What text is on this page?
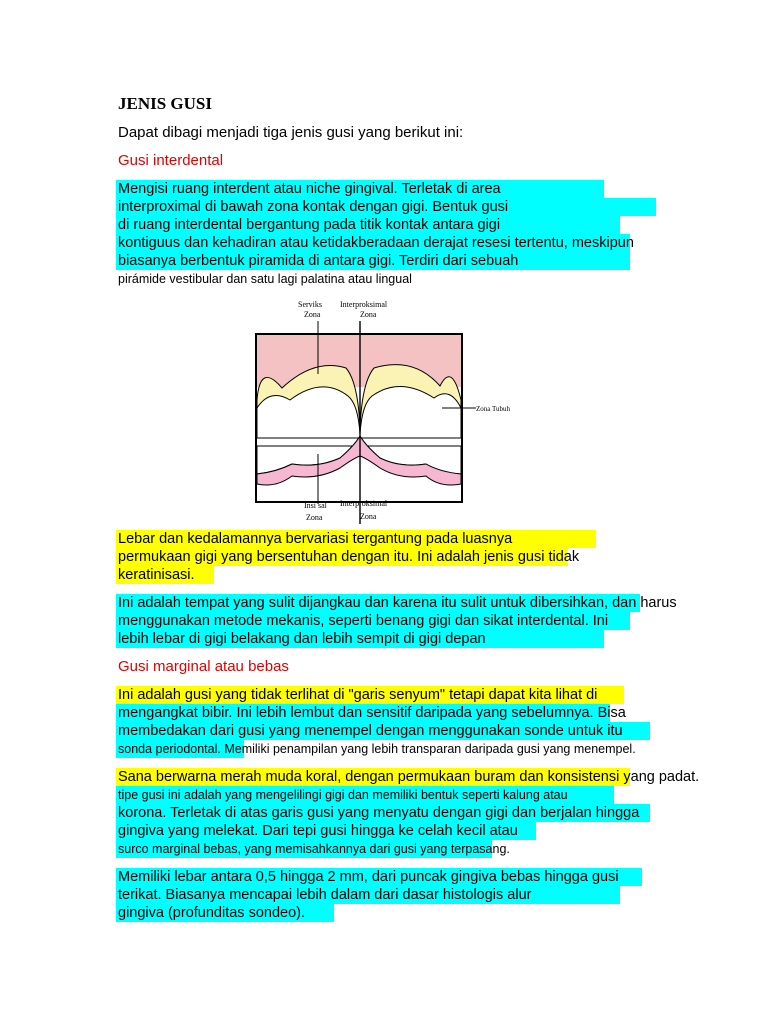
JENIS GUSI
Dapat dibagi menjadi tiga jenis gusi yang berikut ini:
Gusi interdental
Mengisi ruang interdent atau niche gingival. Terletak di area
interproximal di bawah zona kontak dengan gigi. Bentuk gusi
di ruang interdental bergantung pada titik kontak antara gigi
kontiguus dan kehadiran atau ketidakberadaan derajat resesi tertentu, meskipun
biasanya berbentuk piramida di antara gigi. Terdiri dari sebuah
pirámide vestibular dan satu lagi palatina atau lingual
Serviks
Zona
Interproksimal
Zona
Zona Tubuh
Insi sal
Zona
Interproksimal
Zona
Lebar dan kedalamannya bervariasi tergantung pada luasnya
permukaan gigi yang bersentuhan dengan itu. Ini adalah jenis gusi tidak
keratinisasi.
Ini adalah tempat yang sulit dijangkau dan karena itu sulit untuk dibersihkan, dan harus
menggunakan metode mekanis, seperti benang gigi dan sikat interdental. Ini
lebih lebar di gigi belakang dan lebih sempit di gigi depan
Gusi marginal atau bebas
Ini adalah gusi yang tidak terlihat di "garis senyum" tetapi dapat kita lihat di
mengangkat bibir. Ini lebih lembut dan sensitif daripada yang sebelumnya. Bisa
membedakan dari gusi yang menempel dengan menggunakan sonde untuk itu
sonda periodontal. Memiliki penampilan yang lebih transparan daripada gusi yang menempel.
Sana berwarna merah muda koral, dengan permukaan buram dan konsistensi yang padat.
tipe gusi ini adalah yang mengelilingi gigi dan memiliki bentuk seperti kalung atau
korona. Terletak di atas garis gusi yang menyatu dengan gigi dan berjalan hingga
gingiva yang melekat. Dari tepi gusi hingga ke celah kecil atau
surco marginal bebas, yang memisahkannya dari gusi yang terpasang.
Memiliki lebar antara 0,5 hingga 2 mm, dari puncak gingiva bebas hingga gusi
terikat. Biasanya mencapai lebih dalam dari dasar histologis alur
gingiva (profunditas sondeo).
